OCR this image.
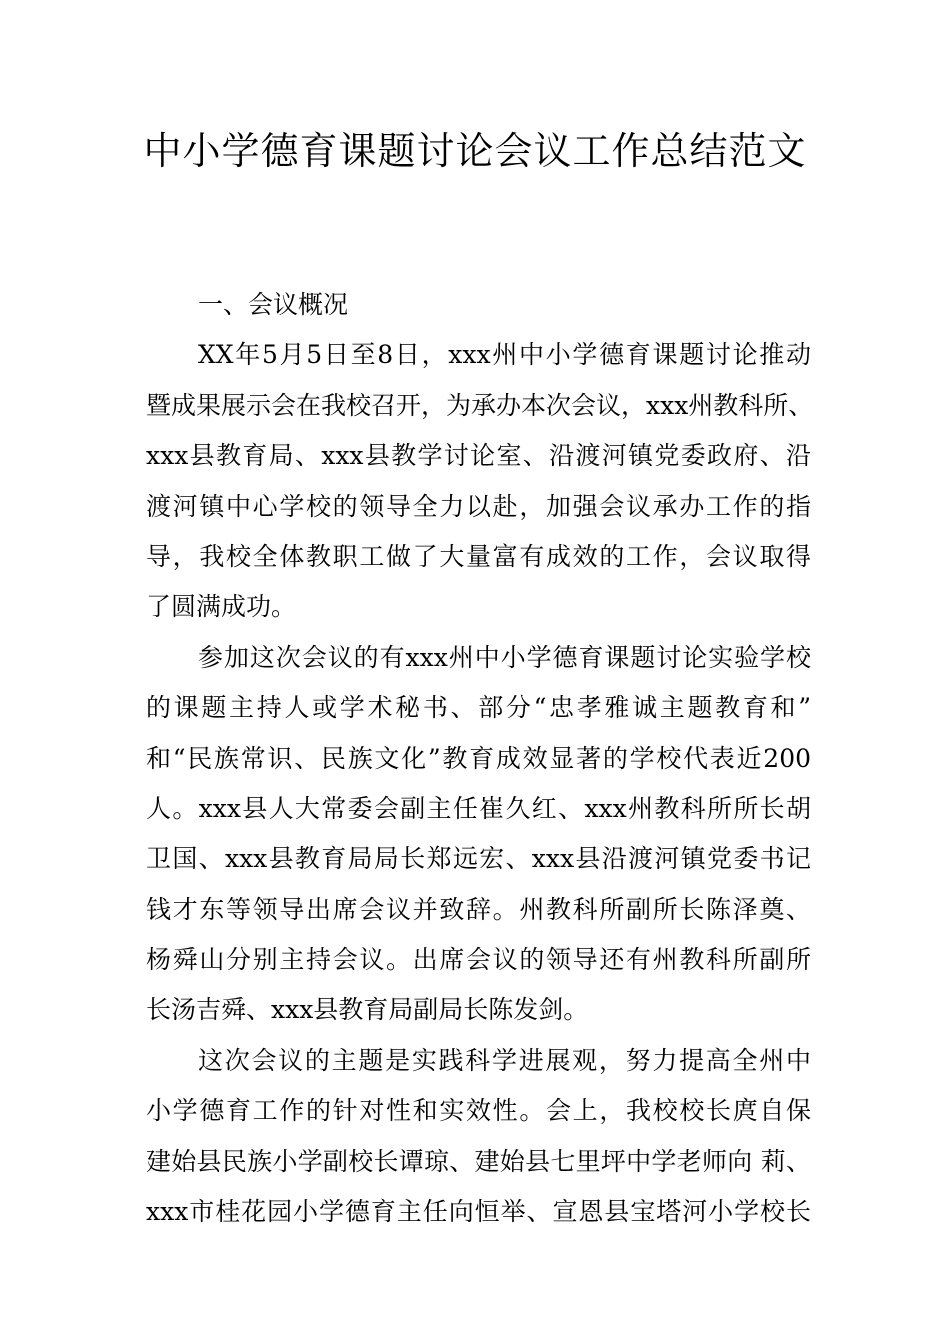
中小学德育课题讨论会议工作总结范文
一、会议概况
XX年5月5日至8日，xxx州中小学德育课题讨论推动
暨成果展示会在我校召开，为承办本次会议，xxx州教科所、
xxx县教育局、xxx县教学讨论室、沿渡河镇党委政府、沿
渡河镇中心学校的领导全力以赴，加强会议承办工作的指
导，我校全体教职工做了大量富有成效的工作，会议取得
了圆满成功。
参加这次会议的有xxx州中小学德育课题讨论实验学校
的课题主持人或学术秘书、部分“忠孝雅诚主题教育和”
和“民族常识、民族文化”教育成效显著的学校代表近200
人。xxx县人大常委会副主任崔久红、xxx州教科所所长胡
卫国、xxx县教育局局长郑远宏、xxx县沿渡河镇党委书记
钱才东等领导出席会议并致辞。州教科所副所长陈泽奠、
杨舜山分别主持会议。出席会议的领导还有州教科所副所
长汤吉舜、xxx县教育局副局长陈发剑。
这次会议的主题是实践科学进展观，努力提高全州中
小学德育工作的针对性和实效性。会上，我校校长庹自保
建始县民族小学副校长谭琼、建始县七里坪中学老师向 莉、
xxx市桂花园小学德育主任向恒举、宣恩县宝塔河小学校长
